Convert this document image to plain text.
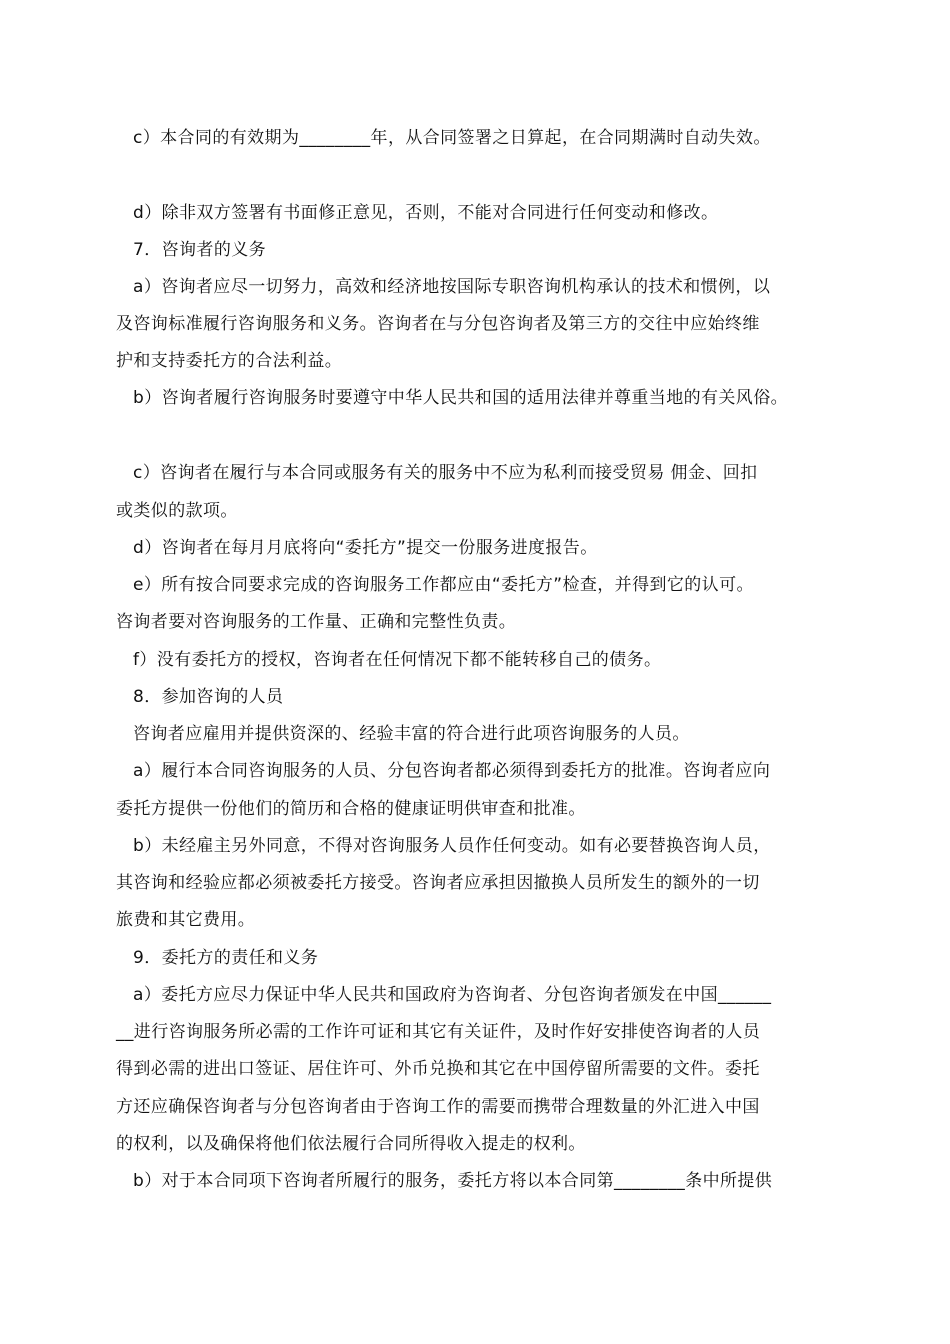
c）本合同的有效期为________年，从合同签署之日算起，在合同期满时自动失效。

d）除非双方签署有书面修正意见，否则，不能对合同进行任何变动和修改。

7．咨询者的义务

a）咨询者应尽一切努力，高效和经济地按国际专职咨询机构承认的技术和惯例，以

及咨询标准履行咨询服务和义务。咨询者在与分包咨询者及第三方的交往中应始终维

护和支持委托方的合法利益。

b）咨询者履行咨询服务时要遵守中华人民共和国的适用法律并尊重当地的有关风俗。

c）咨询者在履行与本合同或服务有关的服务中不应为私利而接受贸易 佣金、回扣

或类似的款项。

d）咨询者在每月月底将向“委托方”提交一份服务进度报告。

e）所有按合同要求完成的咨询服务工作都应由“委托方”检查，并得到它的认可。

咨询者要对咨询服务的工作量、正确和完整性负责。

f）没有委托方的授权，咨询者在任何情况下都不能转移自己的债务。

8．参加咨询的人员

咨询者应雇用并提供资深的、经验丰富的符合进行此项咨询服务的人员。

a）履行本合同咨询服务的人员、分包咨询者都必须得到委托方的批准。咨询者应向

委托方提供一份他们的简历和合格的健康证明供审查和批准。

b）未经雇主另外同意，不得对咨询服务人员作任何变动。如有必要替换咨询人员，

其咨询和经验应都必须被委托方接受。咨询者应承担因撤换人员所发生的额外的一切

旅费和其它费用。

9．委托方的责任和义务

a）委托方应尽力保证中华人民共和国政府为咨询者、分包咨询者颁发在中国______

__进行咨询服务所必需的工作许可证和其它有关证件，及时作好安排使咨询者的人员

得到必需的进出口签证、居住许可、外币兑换和其它在中国停留所需要的文件。委托

方还应确保咨询者与分包咨询者由于咨询工作的需要而携带合理数量的外汇进入中国

的权利，以及确保将他们依法履行合同所得收入提走的权利。

b）对于本合同项下咨询者所履行的服务，委托方将以本合同第________条中所提供
